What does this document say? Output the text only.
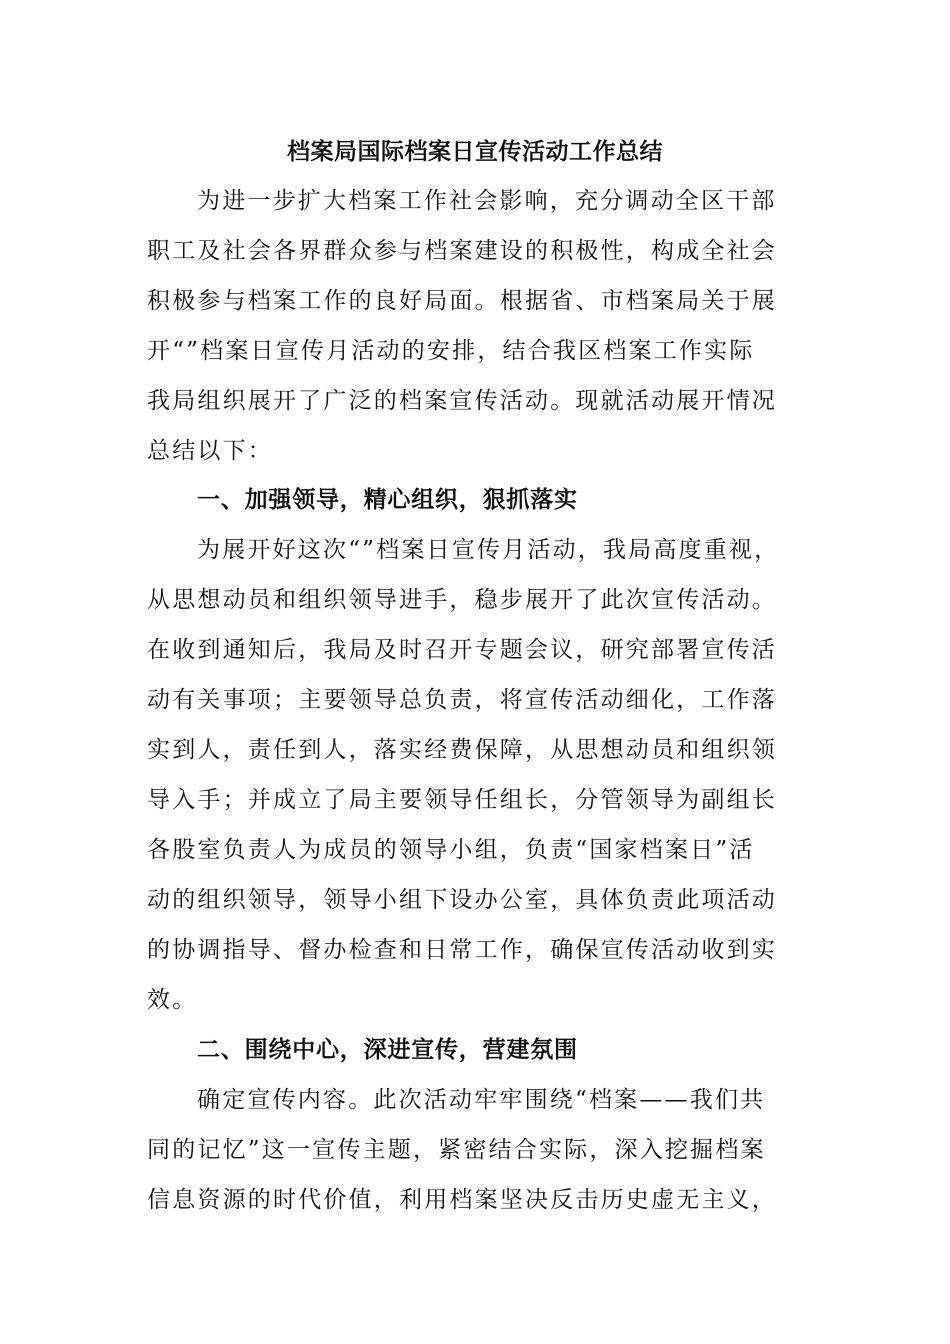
档案局国际档案日宣传活动工作总结
为进一步扩大档案工作社会影响，充分调动全区干部
职工及社会各界群众参与档案建设的积极性，构成全社会
积极参与档案工作的良好局面。根据省、市档案局关于展
开“”档案日宣传月活动的安排，结合我区档案工作实际
我局组织展开了广泛的档案宣传活动。现就活动展开情况
总结以下：
一、加强领导，精心组织，狠抓落实
为展开好这次“”档案日宣传月活动，我局高度重视，
从思想动员和组织领导进手，稳步展开了此次宣传活动。
在收到通知后，我局及时召开专题会议，研究部署宣传活
动有关事项；主要领导总负责，将宣传活动细化，工作落
实到人，责任到人，落实经费保障，从思想动员和组织领
导入手；并成立了局主要领导任组长，分管领导为副组长
各股室负责人为成员的领导小组，负责“国家档案日”活
动的组织领导，领导小组下设办公室，具体负责此项活动
的协调指导、督办检查和日常工作，确保宣传活动收到实
效。
二、围绕中心，深进宣传，营建氛围
确定宣传内容。此次活动牢牢围绕“档案——我们共
同的记忆”这一宣传主题，紧密结合实际，深入挖掘档案
信息资源的时代价值，利用档案坚决反击历史虚无主义，
